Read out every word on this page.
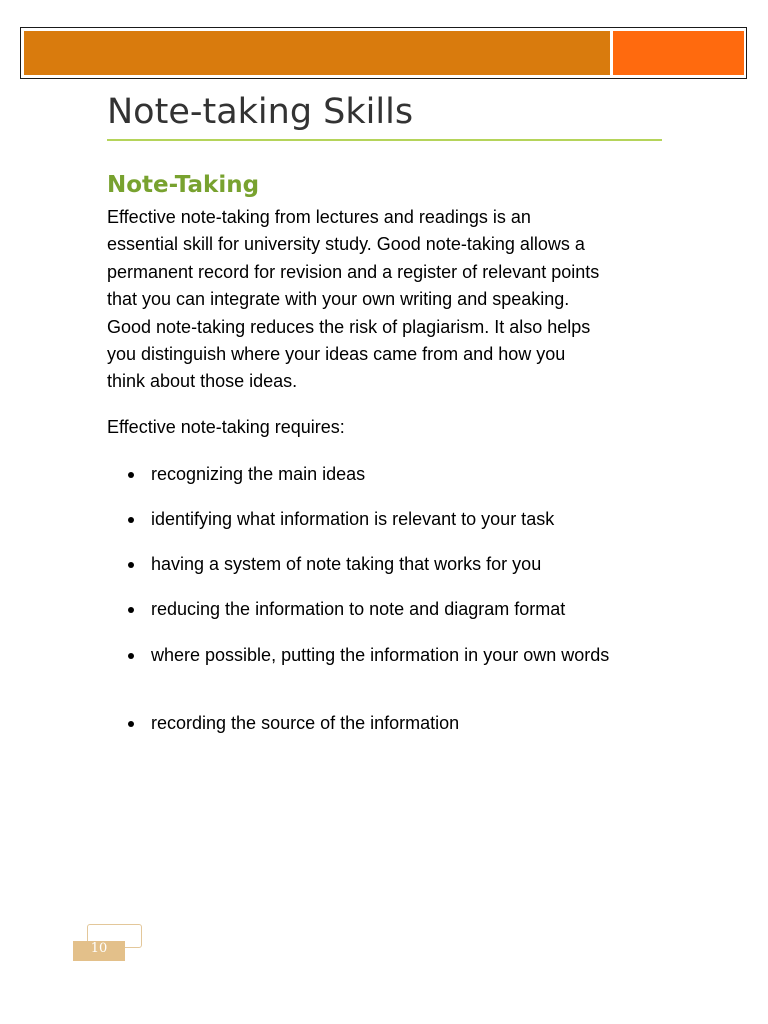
Note-taking Skills
Note-Taking

Effective note-taking from lectures and readings is an
essential skill for university study. Good note-taking allows a
permanent record for revision and a register of relevant points
that you can integrate with your own writing and speaking.
Good note-taking reduces the risk of plagiarism. It also helps
you distinguish where your ideas came from and how you
think about those ideas.

Effective note-taking requires:

recognizing the main ideas
identifying what information is relevant to your task
having a system of note taking that works for you
reducing the information to note and diagram format
where possible, putting the information in your own words
recording the source of the information
10
